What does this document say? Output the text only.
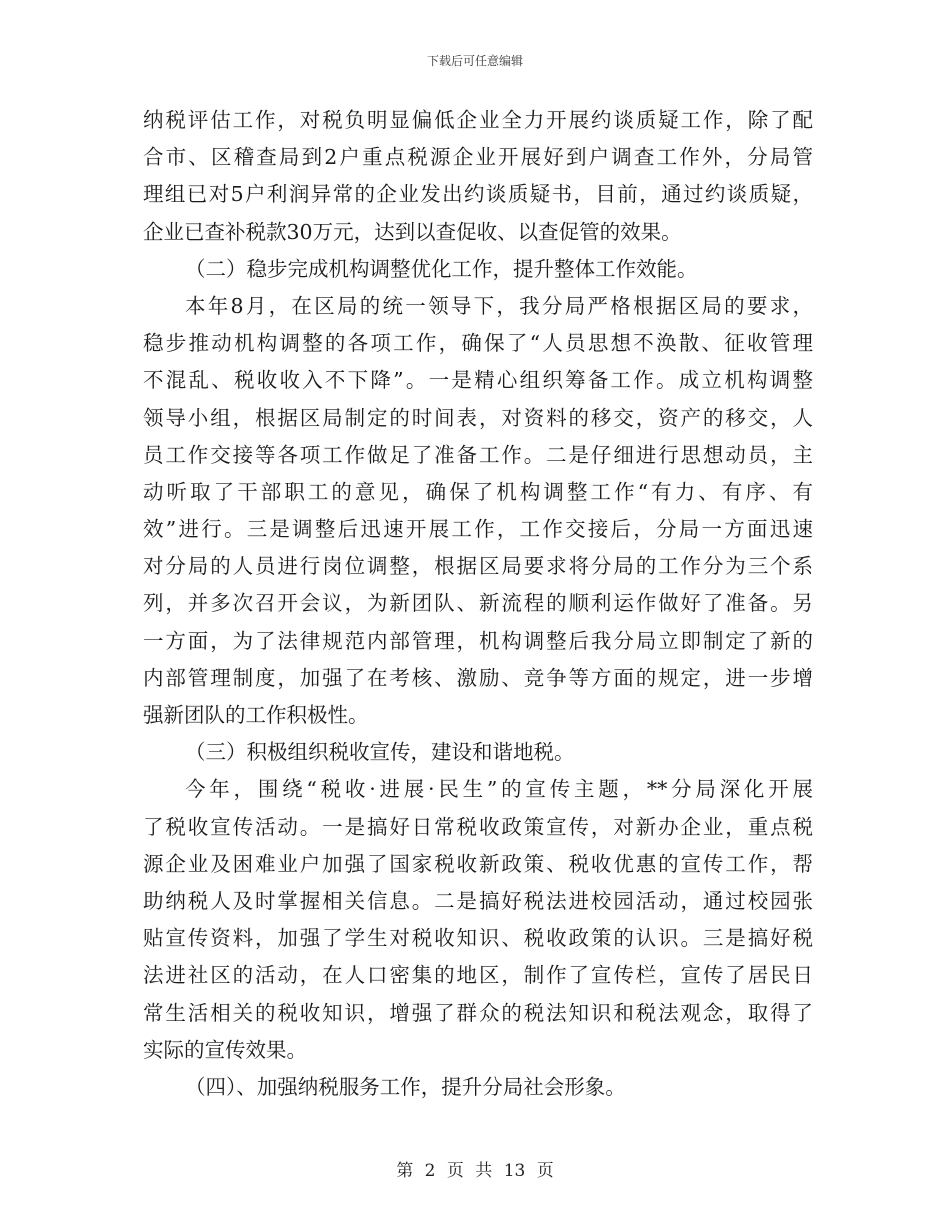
下载后可任意编辑
纳税评估工作，对税负明显偏低企业全力开展约谈质疑工作，除了配
合市、区稽查局到2户重点税源企业开展好到户调查工作外，分局管
理组已对5户利润异常的企业发出约谈质疑书，目前，通过约谈质疑，
企业已查补税款30万元，达到以查促收、以查促管的效果。
（二）稳步完成机构调整优化工作，提升整体工作效能。
本年8月，在区局的统一领导下，我分局严格根据区局的要求，
稳步推动机构调整的各项工作，确保了“人员思想不涣散、征收管理
不混乱、税收收入不下降”。一是精心组织筹备工作。成立机构调整
领导小组，根据区局制定的时间表，对资料的移交，资产的移交，人
员工作交接等各项工作做足了准备工作。二是仔细进行思想动员，主
动听取了干部职工的意见，确保了机构调整工作“有力、有序、有
效”进行。三是调整后迅速开展工作，工作交接后，分局一方面迅速
对分局的人员进行岗位调整，根据区局要求将分局的工作分为三个系
列，并多次召开会议，为新团队、新流程的顺利运作做好了准备。另
一方面，为了法律规范内部管理，机构调整后我分局立即制定了新的
内部管理制度，加强了在考核、激励、竞争等方面的规定，进一步增
强新团队的工作积极性。
（三）积极组织税收宣传，建设和谐地税。
今年，围绕“税收·进展·民生”的宣传主题，**分局深化开展
了税收宣传活动。一是搞好日常税收政策宣传，对新办企业，重点税
源企业及困难业户加强了国家税收新政策、税收优惠的宣传工作，帮
助纳税人及时掌握相关信息。二是搞好税法进校园活动，通过校园张
贴宣传资料，加强了学生对税收知识、税收政策的认识。三是搞好税
法进社区的活动，在人口密集的地区，制作了宣传栏，宣传了居民日
常生活相关的税收知识，增强了群众的税法知识和税法观念，取得了
实际的宣传效果。
（四）、加强纳税服务工作，提升分局社会形象。
第 2 页 共 13 页
